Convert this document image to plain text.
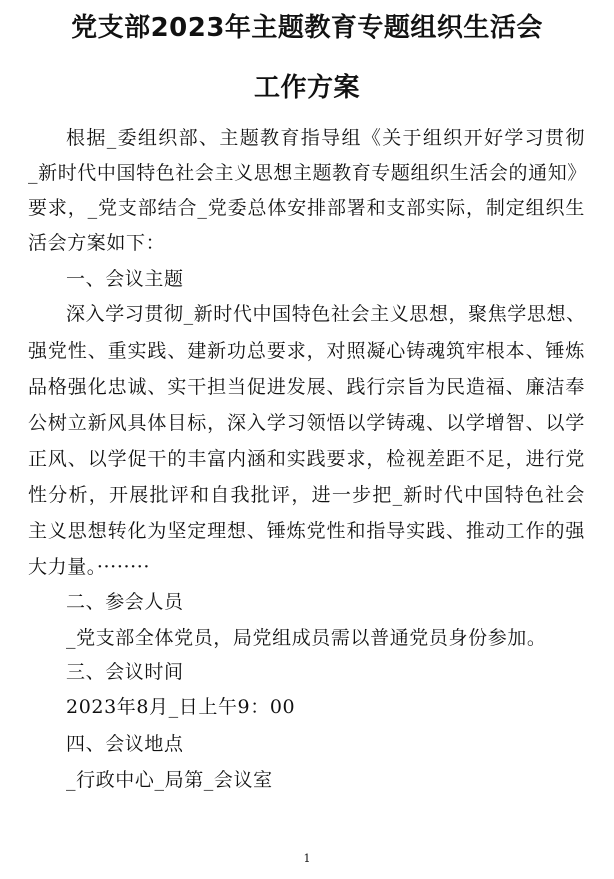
党支部2023年主题教育专题组织生活会
工作方案
根据_委组织部、主题教育指导组《关于组织开好学习贯彻
_新时代中国特色社会主义思想主题教育专题组织生活会的通知》
要求，_党支部结合_党委总体安排部署和支部实际，制定组织生
活会方案如下：
一、会议主题
深入学习贯彻_新时代中国特色社会主义思想，聚焦学思想、
强党性、重实践、建新功总要求，对照凝心铸魂筑牢根本、锤炼
品格强化忠诚、实干担当促进发展、践行宗旨为民造福、廉洁奉
公树立新风具体目标，深入学习领悟以学铸魂、以学增智、以学
正风、以学促干的丰富内涵和实践要求，检视差距不足，进行党
性分析，开展批评和自我批评，进一步把_新时代中国特色社会
主义思想转化为坚定理想、锤炼党性和指导实践、推动工作的强
大力量。········
二、参会人员
_党支部全体党员，局党组成员需以普通党员身份参加。
三、会议时间
2023年8月_日上午9：00
四、会议地点
_行政中心_局第_会议室
1
